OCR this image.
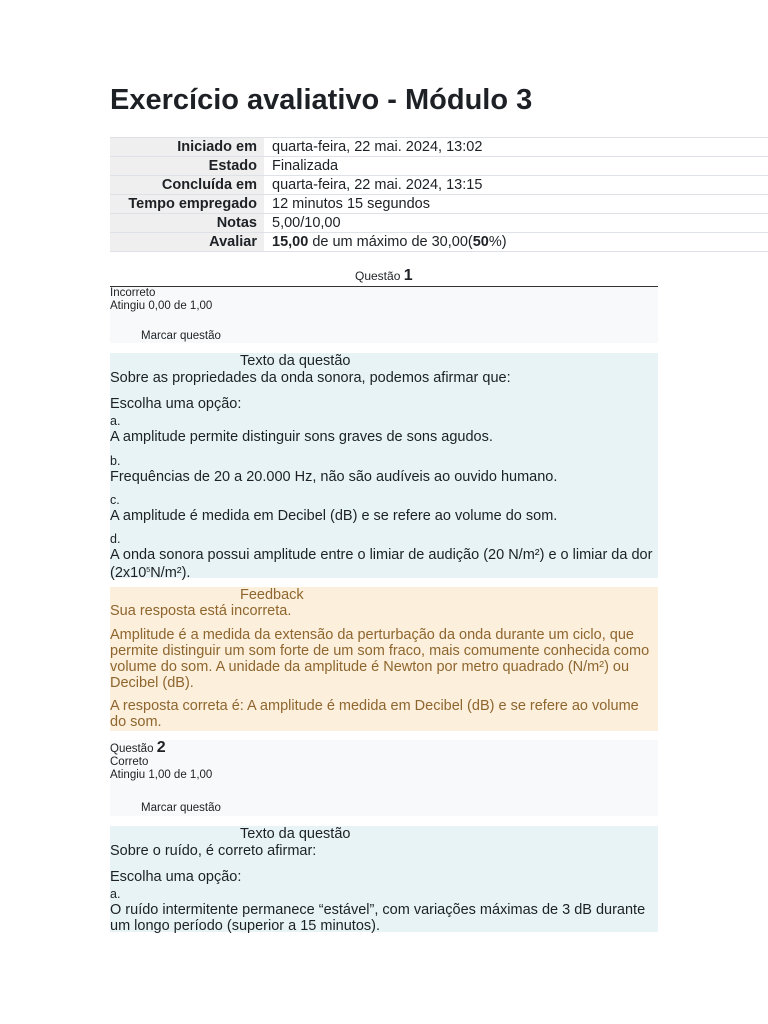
Exercício avaliativo - Módulo 3
Iniciado em	quarta-feira, 22 mai. 2024, 13:02
Estado	Finalizada
Concluída em	quarta-feira, 22 mai. 2024, 13:15
Tempo empregado	12 minutos 15 segundos
Notas	5,00/10,00
Avaliar	15,00 de um máximo de 30,00(50%)
Questão 1

Incorreto

Atingiu 0,00 de 1,00

Marcar questão
Texto da questão

Sobre as propriedades da onda sonora, podemos afirmar que:

Escolha uma opção:

a.
A amplitude permite distinguir sons graves de sons agudos.
b.
Frequências de 20 a 20.000 Hz, não são audíveis ao ouvido humano.
c.
A amplitude é medida em Decibel (dB) e se refere ao volume do som.
d.
A onda sonora possui amplitude entre o limiar de audição (20 N/m²) e o limiar da dor $(2x10^5N/m^2)$.
Feedback

Sua resposta está incorreta.

Amplitude é a medida da extensão da perturbação da onda durante um ciclo, que permite distinguir um som forte de um som fraco, mais comumente conhecida como volume do som. A unidade da amplitude é Newton por metro quadrado (N/m²) ou Decibel (dB).

A resposta correta é: A amplitude é medida em Decibel (dB) e se refere ao volume do som.

Questão 2

Correto

Atingiu 1,00 de 1,00

Marcar questão
Texto da questão

Sobre o ruído, é correto afirmar:

Escolha uma opção:

a.
O ruído intermitente permanece “estável”, com variações máximas de 3 dB durante um longo período (superior a 15 minutos).
